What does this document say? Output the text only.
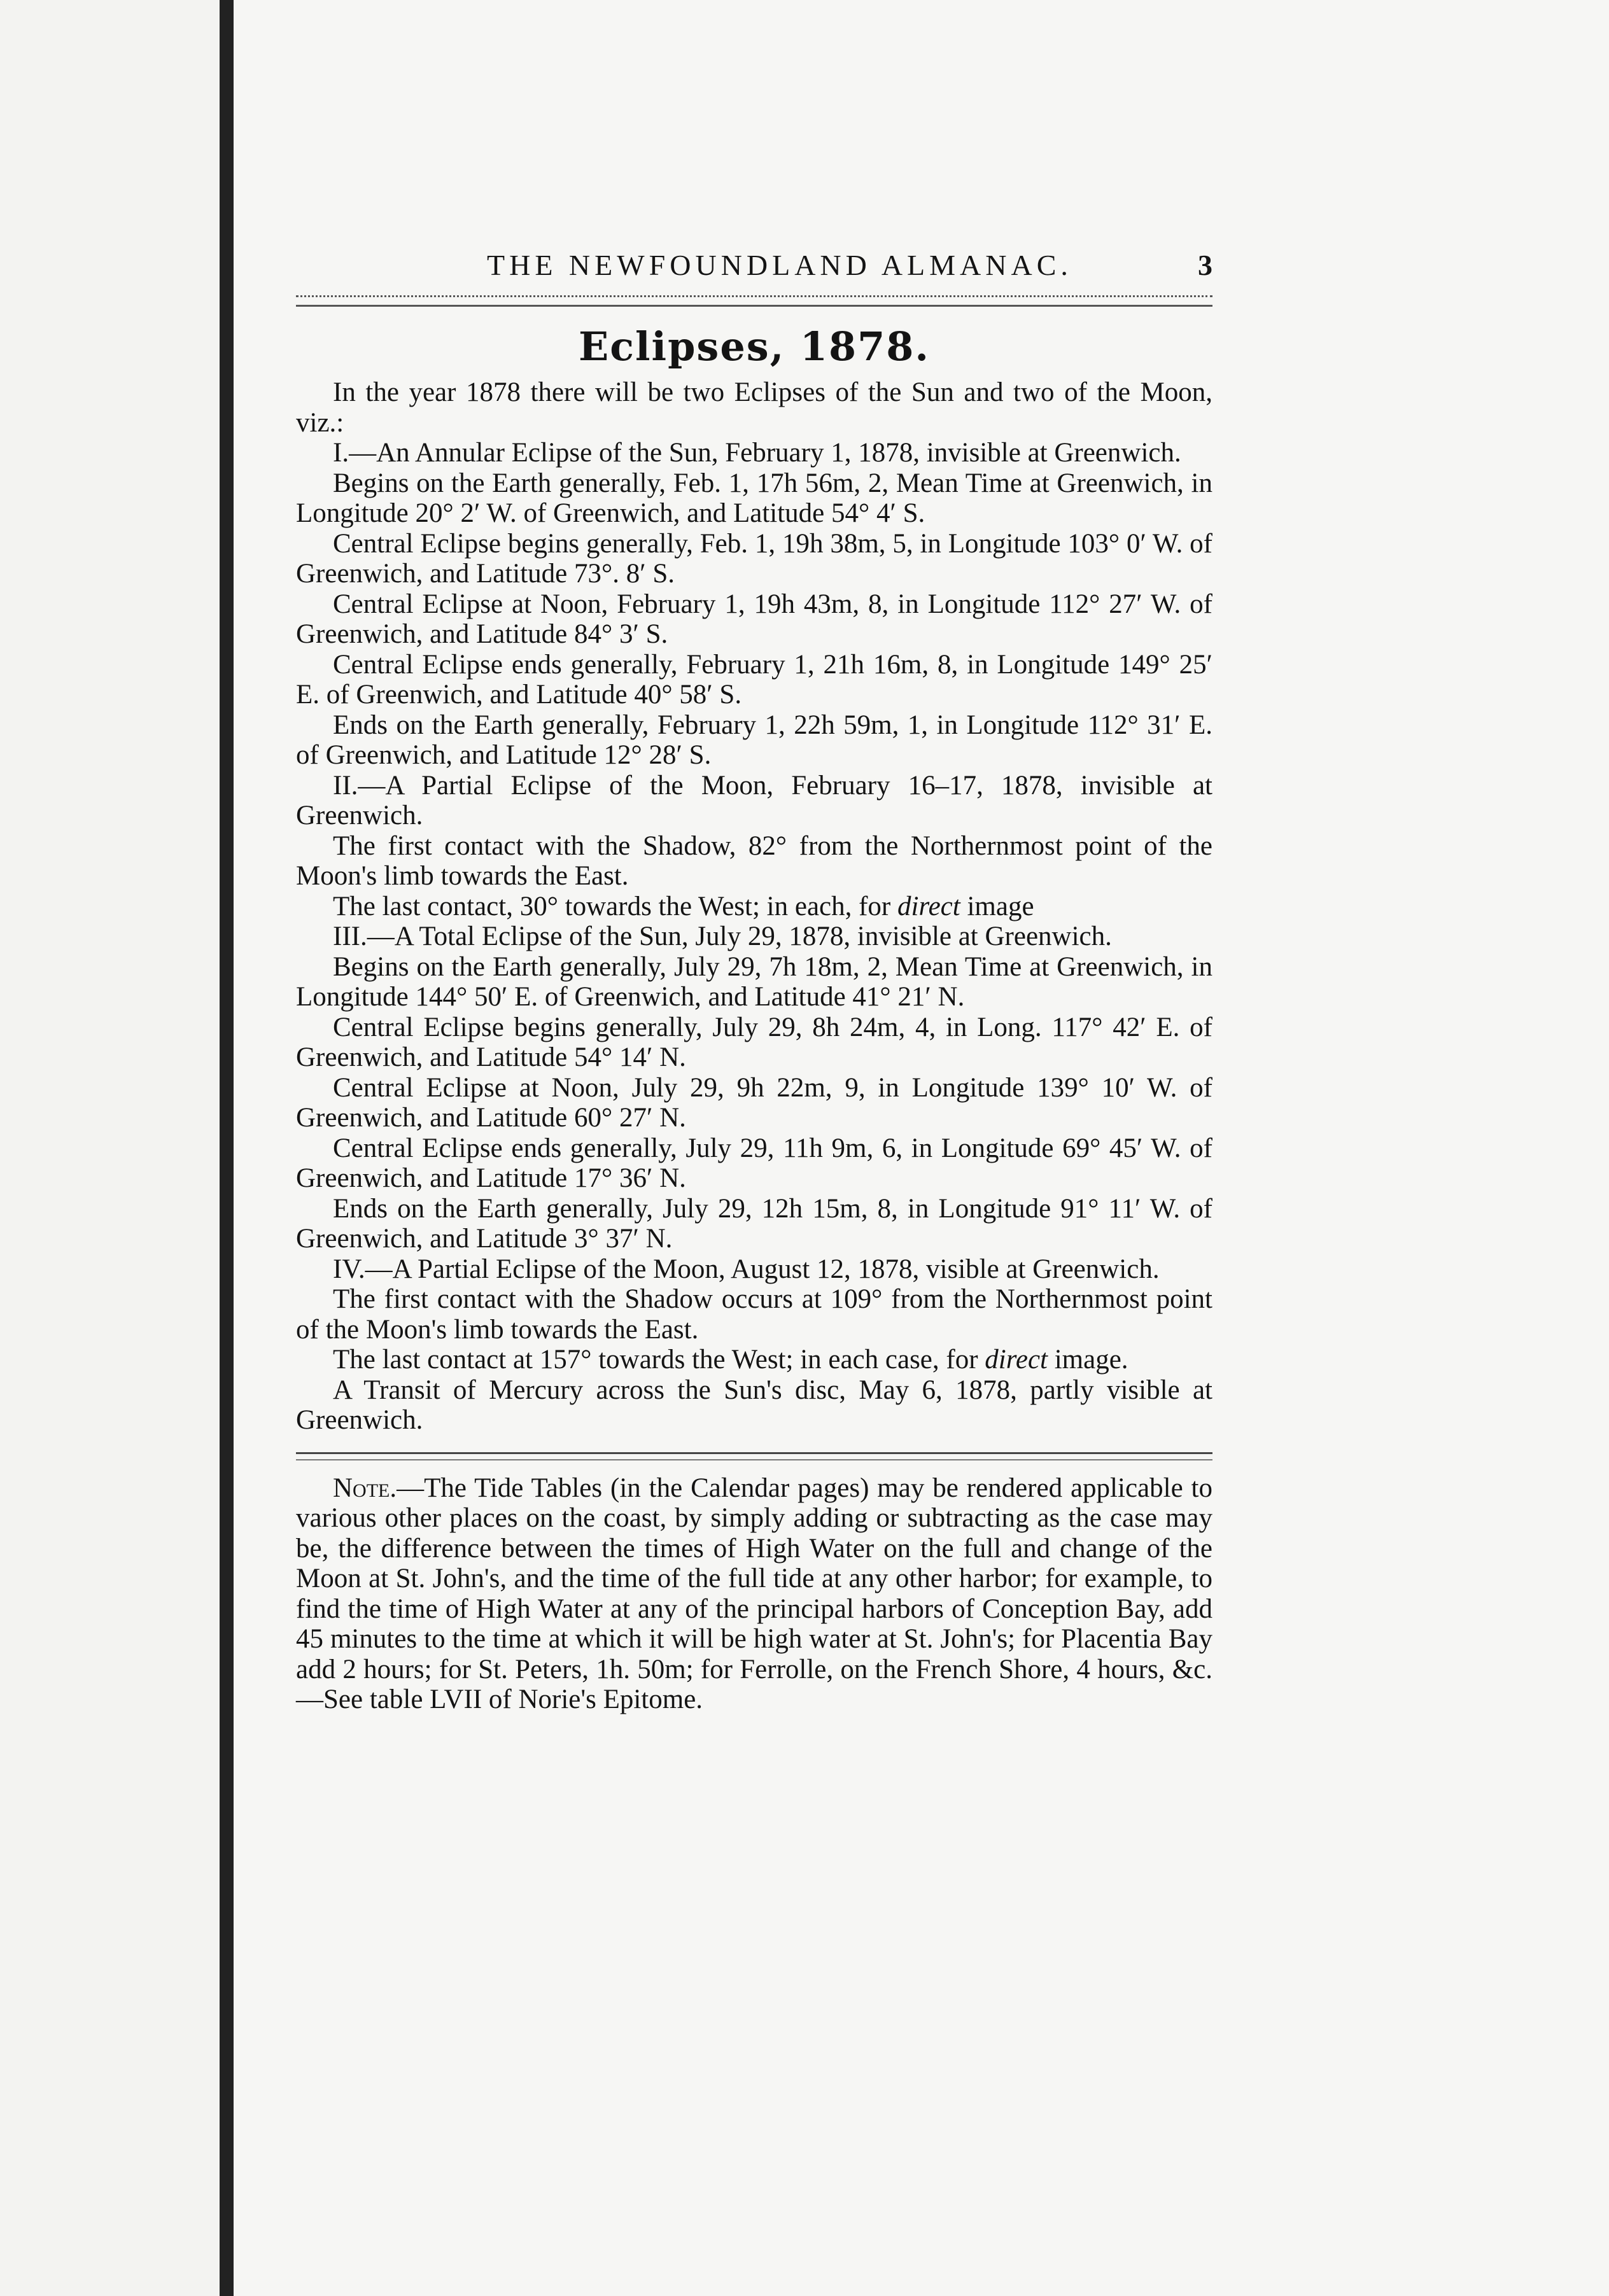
THE NEWFOUNDLAND ALMANAC.	3
Eclipses, 1878.

In the year 1878 there will be two Eclipses of the Sun and two of the Moon, viz.:

I.—An Annular Eclipse of the Sun, February 1, 1878, invisible at Greenwich.

Begins on the Earth generally, Feb. 1, 17h 56m, 2, Mean Time at Greenwich, in Longitude 20° 2′ W. of Greenwich, and Latitude 54° 4′ S.

Central Eclipse begins generally, Feb. 1, 19h 38m, 5, in Longitude 103° 0′ W. of Greenwich, and Latitude 73°. 8′ S.

Central Eclipse at Noon, February 1, 19h 43m, 8, in Longitude 112° 27′ W. of Greenwich, and Latitude 84° 3′ S.

Central Eclipse ends generally, February 1, 21h 16m, 8, in Longitude 149° 25′ E. of Greenwich, and Latitude 40° 58′ S.

Ends on the Earth generally, February 1, 22h 59m, 1, in Longitude 112° 31′ E. of Greenwich, and Latitude 12° 28′ S.

II.—A Partial Eclipse of the Moon, February 16–17, 1878, invisible at Greenwich.

The first contact with the Shadow, 82° from the Northernmost point of the Moon's limb towards the East.

The last contact, 30° towards the West; in each, for direct image

III.—A Total Eclipse of the Sun, July 29, 1878, invisible at Greenwich.

Begins on the Earth generally, July 29, 7h 18m, 2, Mean Time at Greenwich, in Longitude 144° 50′ E. of Greenwich, and Latitude 41° 21′ N.

Central Eclipse begins generally, July 29, 8h 24m, 4, in Long. 117° 42′ E. of Greenwich, and Latitude 54° 14′ N.

Central Eclipse at Noon, July 29, 9h 22m, 9, in Longitude 139° 10′ W. of Greenwich, and Latitude 60° 27′ N.

Central Eclipse ends generally, July 29, 11h 9m, 6, in Longitude 69° 45′ W. of Greenwich, and Latitude 17° 36′ N.

Ends on the Earth generally, July 29, 12h 15m, 8, in Longitude 91° 11′ W. of Greenwich, and Latitude 3° 37′ N.

IV.—A Partial Eclipse of the Moon, August 12, 1878, visible at Greenwich.

The first contact with the Shadow occurs at 109° from the Northernmost point of the Moon's limb towards the East.

The last contact at 157° towards the West; in each case, for direct image.

A Transit of Mercury across the Sun's disc, May 6, 1878, partly visible at Greenwich.

Note.—The Tide Tables (in the Calendar pages) may be rendered applicable to various other places on the coast, by simply adding or subtracting as the case may be, the difference between the times of High Water on the full and change of the Moon at St. John's, and the time of the full tide at any other harbor; for example, to find the time of High Water at any of the principal harbors of Conception Bay, add 45 minutes to the time at which it will be high water at St. John's; for Placentia Bay add 2 hours; for St. Peters, 1h. 50m; for Ferrolle, on the French Shore, 4 hours, &c.—See table LVII of Norie's Epitome.
